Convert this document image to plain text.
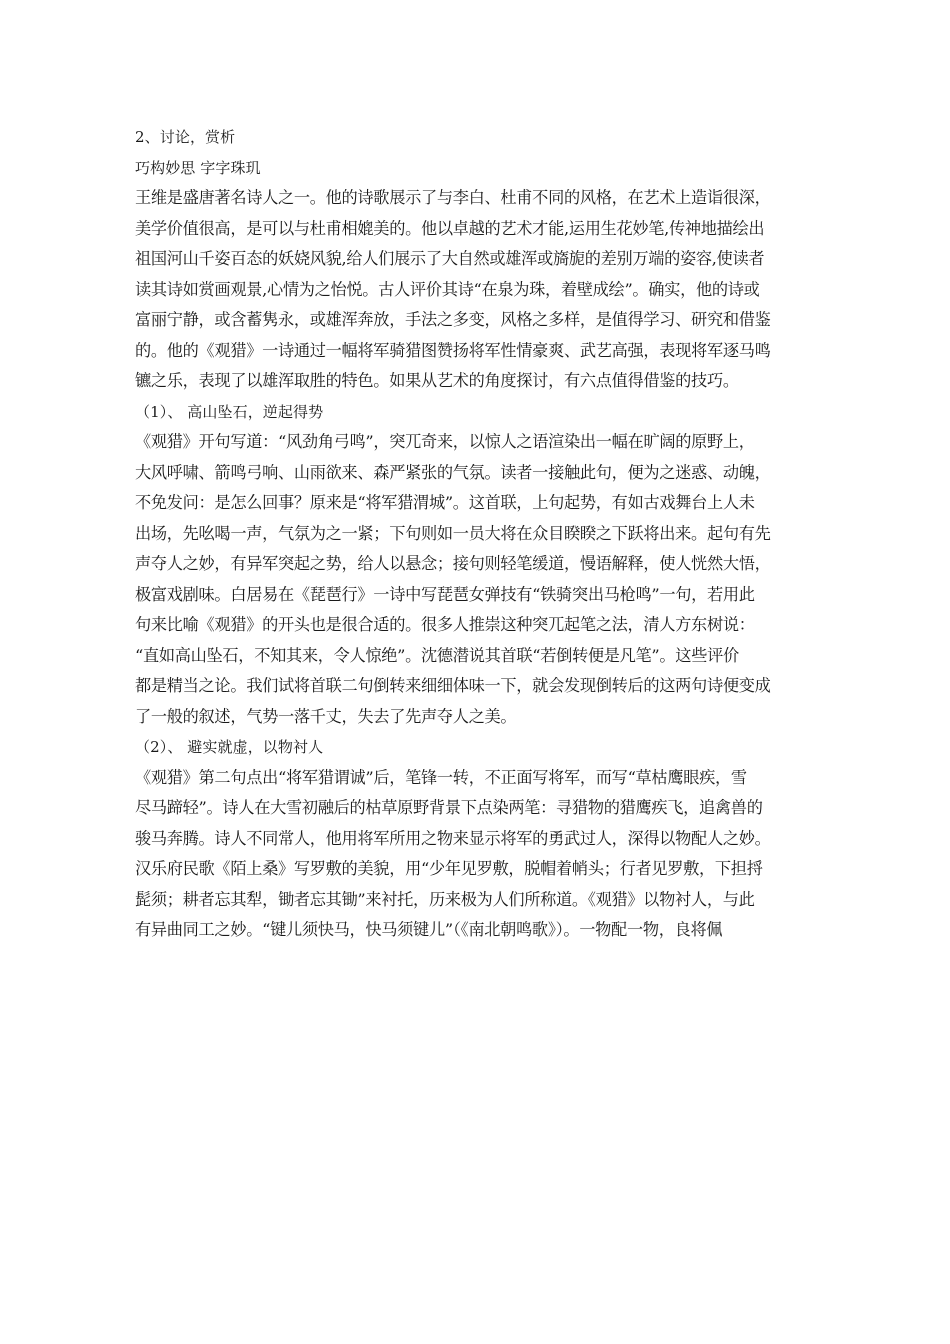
2、讨论，赏析
巧构妙思 字字珠玑
王维是盛唐著名诗人之一。他的诗歌展示了与李白、杜甫不同的风格，在艺术上造诣很深，
美学价值很高，是可以与杜甫相媲美的。他以卓越的艺术才能,运用生花妙笔,传神地描绘出
祖国河山千姿百态的妖娆风貌,给人们展示了大自然或雄浑或旖旎的差别万端的姿容,使读者
读其诗如赏画观景,心情为之怡悦。古人评价其诗“在泉为珠，着壁成绘”。确实，他的诗或
富丽宁静，或含蓄隽永，或雄浑奔放，手法之多变，风格之多样，是值得学习、研究和借鉴
的。他的《观猎》一诗通过一幅将军骑猎图赞扬将军性情豪爽、武艺高强，表现将军逐马鸣
镳之乐，表现了以雄浑取胜的特色。如果从艺术的角度探讨，有六点值得借鉴的技巧。
（1）、 高山坠石，逆起得势
《观猎》开句写道：“风劲角弓鸣”，突兀奇来，以惊人之语渲染出一幅在旷阔的原野上，
大风呼啸、箭鸣弓响、山雨欲来、森严紧张的气氛。读者一接触此句，便为之迷惑、动魄，
不免发问：是怎么回事？原来是“将军猎渭城”。这首联，上句起势，有如古戏舞台上人未
出场，先吆喝一声，气氛为之一紧；下句则如一员大将在众目睽睽之下跃将出来。起句有先
声夺人之妙，有异军突起之势，给人以悬念；接句则轻笔缓道，慢语解释，使人恍然大悟，
极富戏剧味。白居易在《琵琶行》一诗中写琵琶女弹技有“铁骑突出马枪鸣”一句，若用此
句来比喻《观猎》的开头也是很合适的。很多人推崇这种突兀起笔之法，清人方东树说：
“直如高山坠石，不知其来，令人惊绝”。沈德潜说其首联“若倒转便是凡笔”。这些评价
都是精当之论。我们试将首联二句倒转来细细体味一下，就会发现倒转后的这两句诗便变成
了一般的叙述，气势一落千丈，失去了先声夺人之美。
（2）、 避实就虚，以物衬人
《观猎》第二句点出“将军猎谓诚”后，笔锋一转，不正面写将军，而写“草枯鹰眼疾，雪
尽马蹄轻”。诗人在大雪初融后的枯草原野背景下点染两笔：寻猎物的猎鹰疾飞，追禽兽的
骏马奔腾。诗人不同常人，他用将军所用之物来显示将军的勇武过人，深得以物配人之妙。
汉乐府民歌《陌上桑》写罗敷的美貌，用“少年见罗敷，脱帽着帩头；行者见罗敷，下担捋
髭须；耕者忘其犁，锄者忘其锄”来衬托，历来极为人们所称道。《观猎》以物衬人，与此
有异曲同工之妙。“键儿须快马，快马须键儿”（《南北朝鸣歌》）。一物配一物，良将佩
